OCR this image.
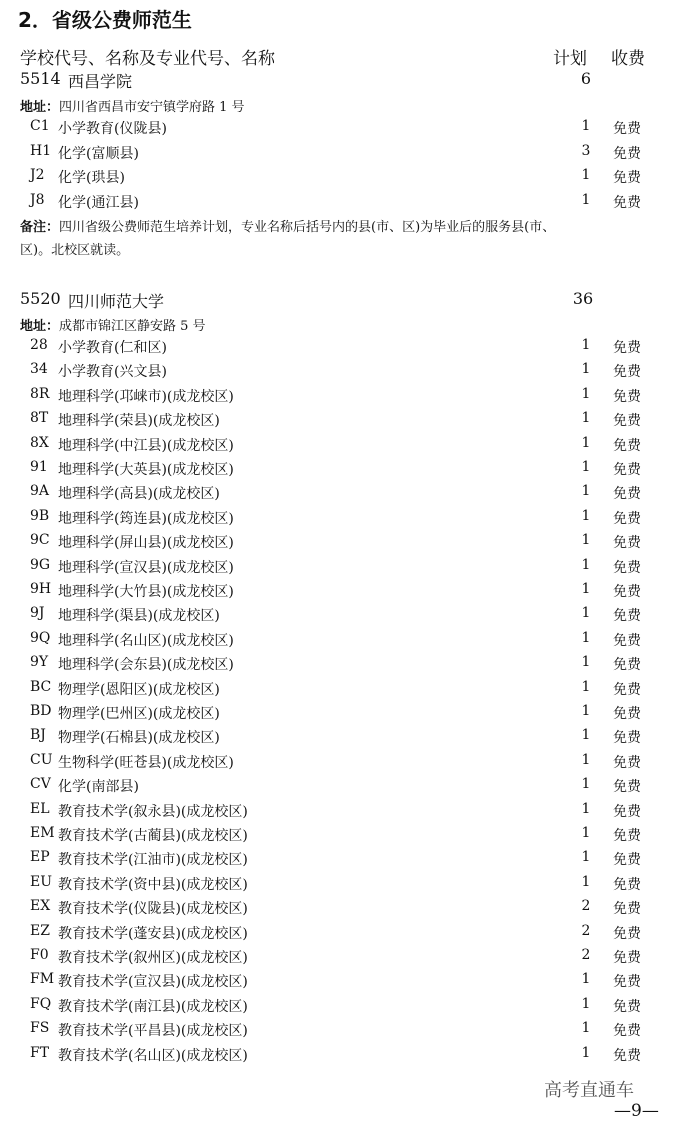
2．省级公费师范生
学校代号、名称及专业代号、名称	计划 收费
5514 西昌学院	6
地址：四川省西昌市安宁镇学府路 1 号
C1 小学教育(仪陇县)	1	免费
H1 化学(富顺县)	3	免费
J2 化学(珙县)	1	免费
J8 化学(通江县)	1	免费
备注：四川省级公费师范生培养计划，专业名称后括号内的县(市、区)为毕业后的服务县(市、
区)。北校区就读。
5520 四川师范大学	36
地址：成都市锦江区静安路 5 号
28 小学教育(仁和区)	1	免费
34 小学教育(兴文县)	1	免费
8R 地理科学(邛崃市)(成龙校区)	1	免费
8T 地理科学(荣县)(成龙校区)	1	免费
8X 地理科学(中江县)(成龙校区)	1	免费
91 地理科学(大英县)(成龙校区)	1	免费
9A 地理科学(高县)(成龙校区)	1	免费
9B 地理科学(筠连县)(成龙校区)	1	免费
9C 地理科学(屏山县)(成龙校区)	1	免费
9G 地理科学(宣汉县)(成龙校区)	1	免费
9H 地理科学(大竹县)(成龙校区)	1	免费
9J 地理科学(渠县)(成龙校区)	1	免费
9Q 地理科学(名山区)(成龙校区)	1	免费
9Y 地理科学(会东县)(成龙校区)	1	免费
BC 物理学(恩阳区)(成龙校区)	1	免费
BD 物理学(巴州区)(成龙校区)	1	免费
BJ 物理学(石棉县)(成龙校区)	1	免费
CU 生物科学(旺苍县)(成龙校区)	1	免费
CV 化学(南部县)	1	免费
EL 教育技术学(叙永县)(成龙校区)	1	免费
EM 教育技术学(古蔺县)(成龙校区)	1	免费
EP 教育技术学(江油市)(成龙校区)	1	免费
EU 教育技术学(资中县)(成龙校区)	1	免费
EX 教育技术学(仪陇县)(成龙校区)	2	免费
EZ 教育技术学(蓬安县)(成龙校区)	2	免费
F0 教育技术学(叙州区)(成龙校区)	2	免费
FM 教育技术学(宣汉县)(成龙校区)	1	免费
FQ 教育技术学(南江县)(成龙校区)	1	免费
FS 教育技术学(平昌县)(成龙校区)	1	免费
FT 教育技术学(名山区)(成龙校区)	1	免费
高考直通车
—9—
